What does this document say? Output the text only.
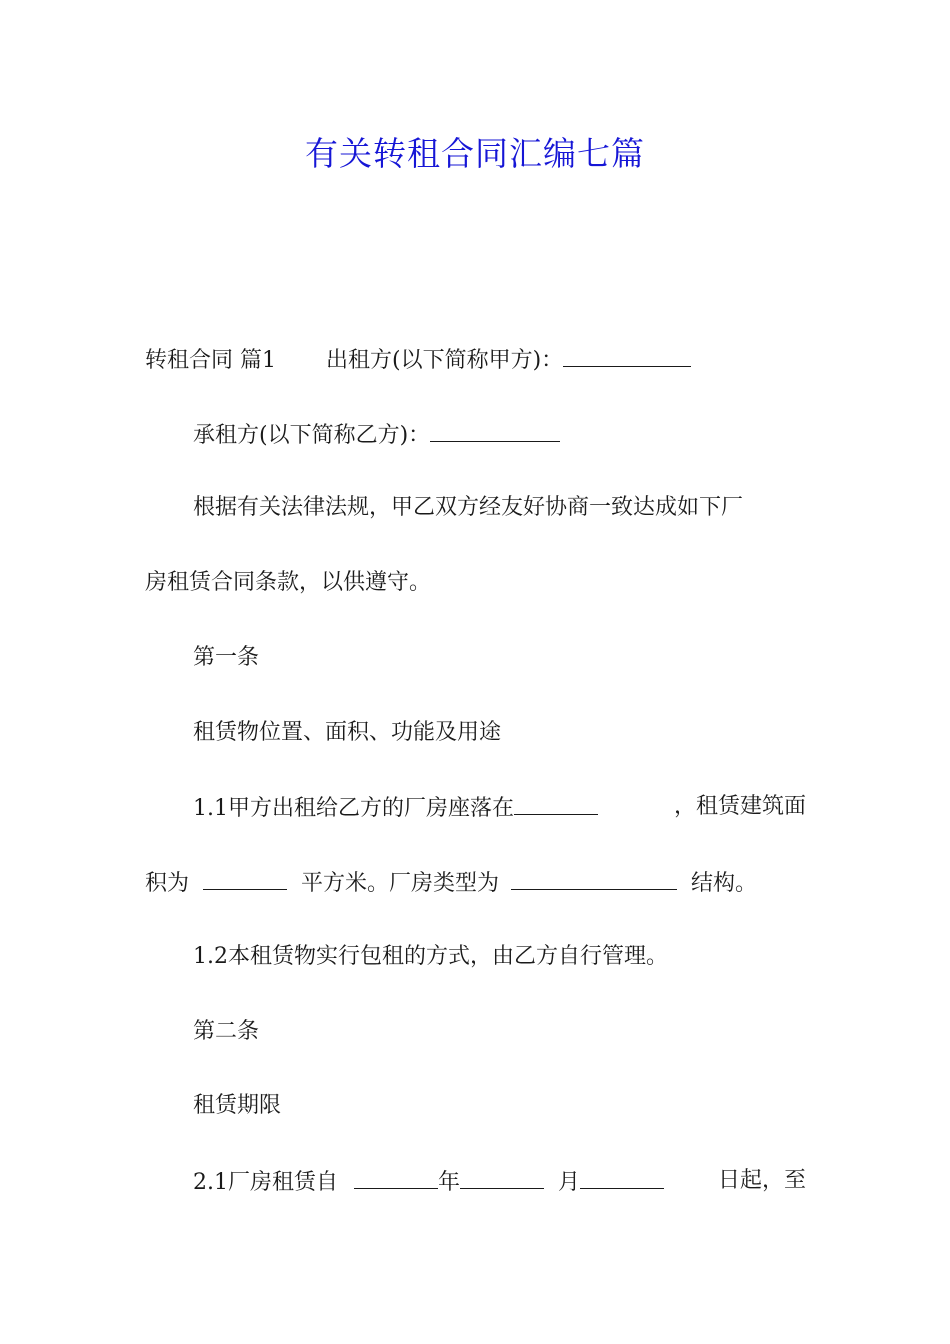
有关转租合同汇编七篇

转租合同 篇1 出租方(以下简称甲方)：

承租方(以下简称乙方)：

根据有关法律法规，甲乙双方经友好协商一致达成如下厂

房租赁合同条款，以供遵守。

第一条

租赁物位置、面积、功能及用途

1.1甲方出租给乙方的厂房座落在	，租赁建筑面

积为	平方米。厂房类型为	结构。

1.2本租赁物实行包租的方式，由乙方自行管理。

第二条

租赁期限

2.1厂房租赁自	年	月	日起，至
